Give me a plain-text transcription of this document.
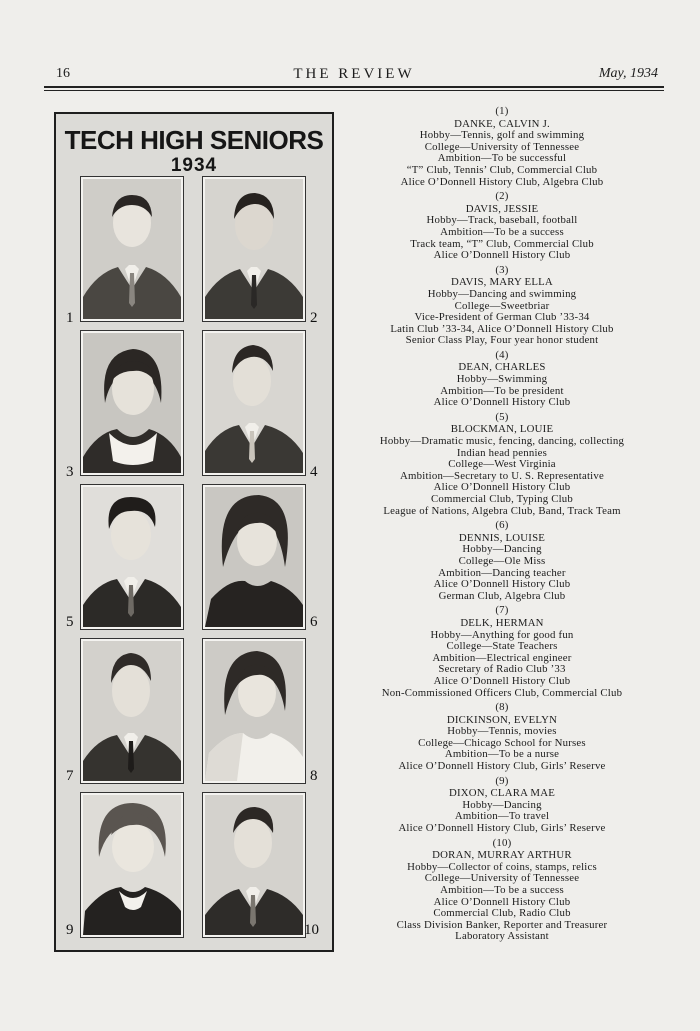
16	THE REVIEW	May, 1934
TECH HIGH SENIORS
1934
1	2
3	4
5	6
7	8
9	10
(1)
DANKE, CALVIN J.
Hobby—Tennis, golf and swimming
College—University of Tennessee
Ambition—To be successful
“T” Club, Tennis’ Club, Commercial Club
Alice O’Donnell History Club, Algebra Club
(2)
DAVIS, JESSIE
Hobby—Track, baseball, football
Ambition—To be a success
Track team, “T” Club, Commercial Club
Alice O’Donnell History Club
(3)
DAVIS, MARY ELLA
Hobby—Dancing and swimming
College—Sweetbriar
Vice-President of German Club ’33-34
Latin Club ’33-34, Alice O’Donnell History Club
Senior Class Play, Four year honor student
(4)
DEAN, CHARLES
Hobby—Swimming
Ambition—To be president
Alice O’Donnell History Club
(5)
BLOCKMAN, LOUIE
Hobby—Dramatic music, fencing, dancing, collecting
Indian head pennies
College—West Virginia
Ambition—Secretary to U. S. Representative
Alice O’Donnell History Club
Commercial Club, Typing Club
League of Nations, Algebra Club, Band, Track Team
(6)
DENNIS, LOUISE
Hobby—Dancing
College—Ole Miss
Ambition—Dancing teacher
Alice O’Donnell History Club
German Club, Algebra Club
(7)
DELK, HERMAN
Hobby—Anything for good fun
College—State Teachers
Ambition—Electrical engineer
Secretary of Radio Club ’33
Alice O’Donnell History Club
Non-Commissioned Officers Club, Commercial Club
(8)
DICKINSON, EVELYN
Hobby—Tennis, movies
College—Chicago School for Nurses
Ambition—To be a nurse
Alice O’Donnell History Club, Girls’ Reserve
(9)
DIXON, CLARA MAE
Hobby—Dancing
Ambition—To travel
Alice O’Donnell History Club, Girls’ Reserve
(10)
DORAN, MURRAY ARTHUR
Hobby—Collector of coins, stamps, relics
College—University of Tennessee
Ambition—To be a success
Alice O’Donnell History Club
Commercial Club, Radio Club
Class Division Banker, Reporter and Treasurer
Laboratory Assistant
